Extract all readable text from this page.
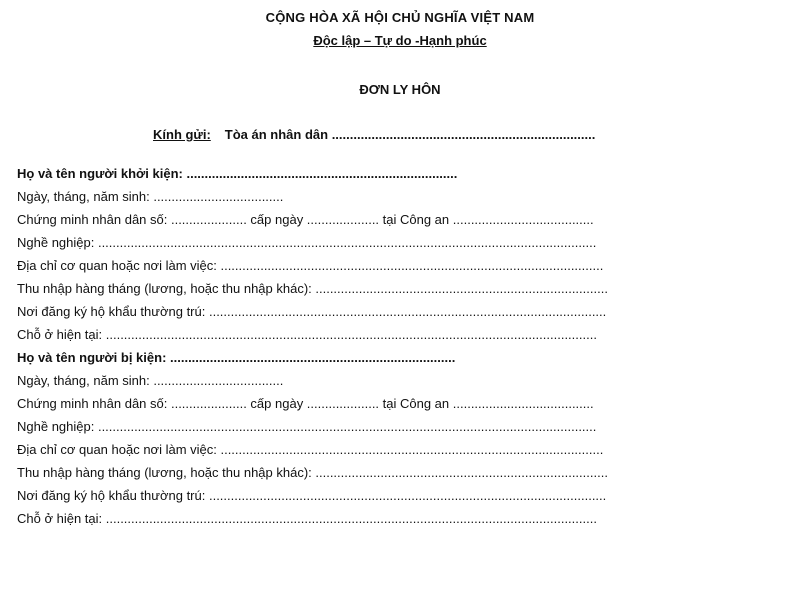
CỘNG HÒA XÃ HỘI CHỦ NGHĨA VIỆT NAM
Độc lập – Tự do -Hạnh phúc
ĐƠN LY HÔN
Kính gửi: Tòa án nhân dân .........................................................................
Họ và tên người khởi kiện: ...........................................................................
Ngày, tháng, năm sinh: ....................................
Chứng minh nhân dân số: ..................... cấp ngày .................... tại Công an .......................................
Nghề nghiệp: ..........................................................................................................................................
Địa chỉ cơ quan hoặc nơi làm việc: ..........................................................................................................
Thu nhập hàng tháng (lương, hoặc thu nhập khác): .................................................................................
Nơi đăng ký hộ khẩu thường trú: ..............................................................................................................
Chỗ ở hiện tại: ........................................................................................................................................
Họ và tên người bị kiện: ...............................................................................
Ngày, tháng, năm sinh: ....................................
Chứng minh nhân dân số: ..................... cấp ngày .................... tại Công an .......................................
Nghề nghiệp: ..........................................................................................................................................
Địa chỉ cơ quan hoặc nơi làm việc: ..........................................................................................................
Thu nhập hàng tháng (lương, hoặc thu nhập khác): .................................................................................
Nơi đăng ký hộ khẩu thường trú: ..............................................................................................................
Chỗ ở hiện tại: ........................................................................................................................................
